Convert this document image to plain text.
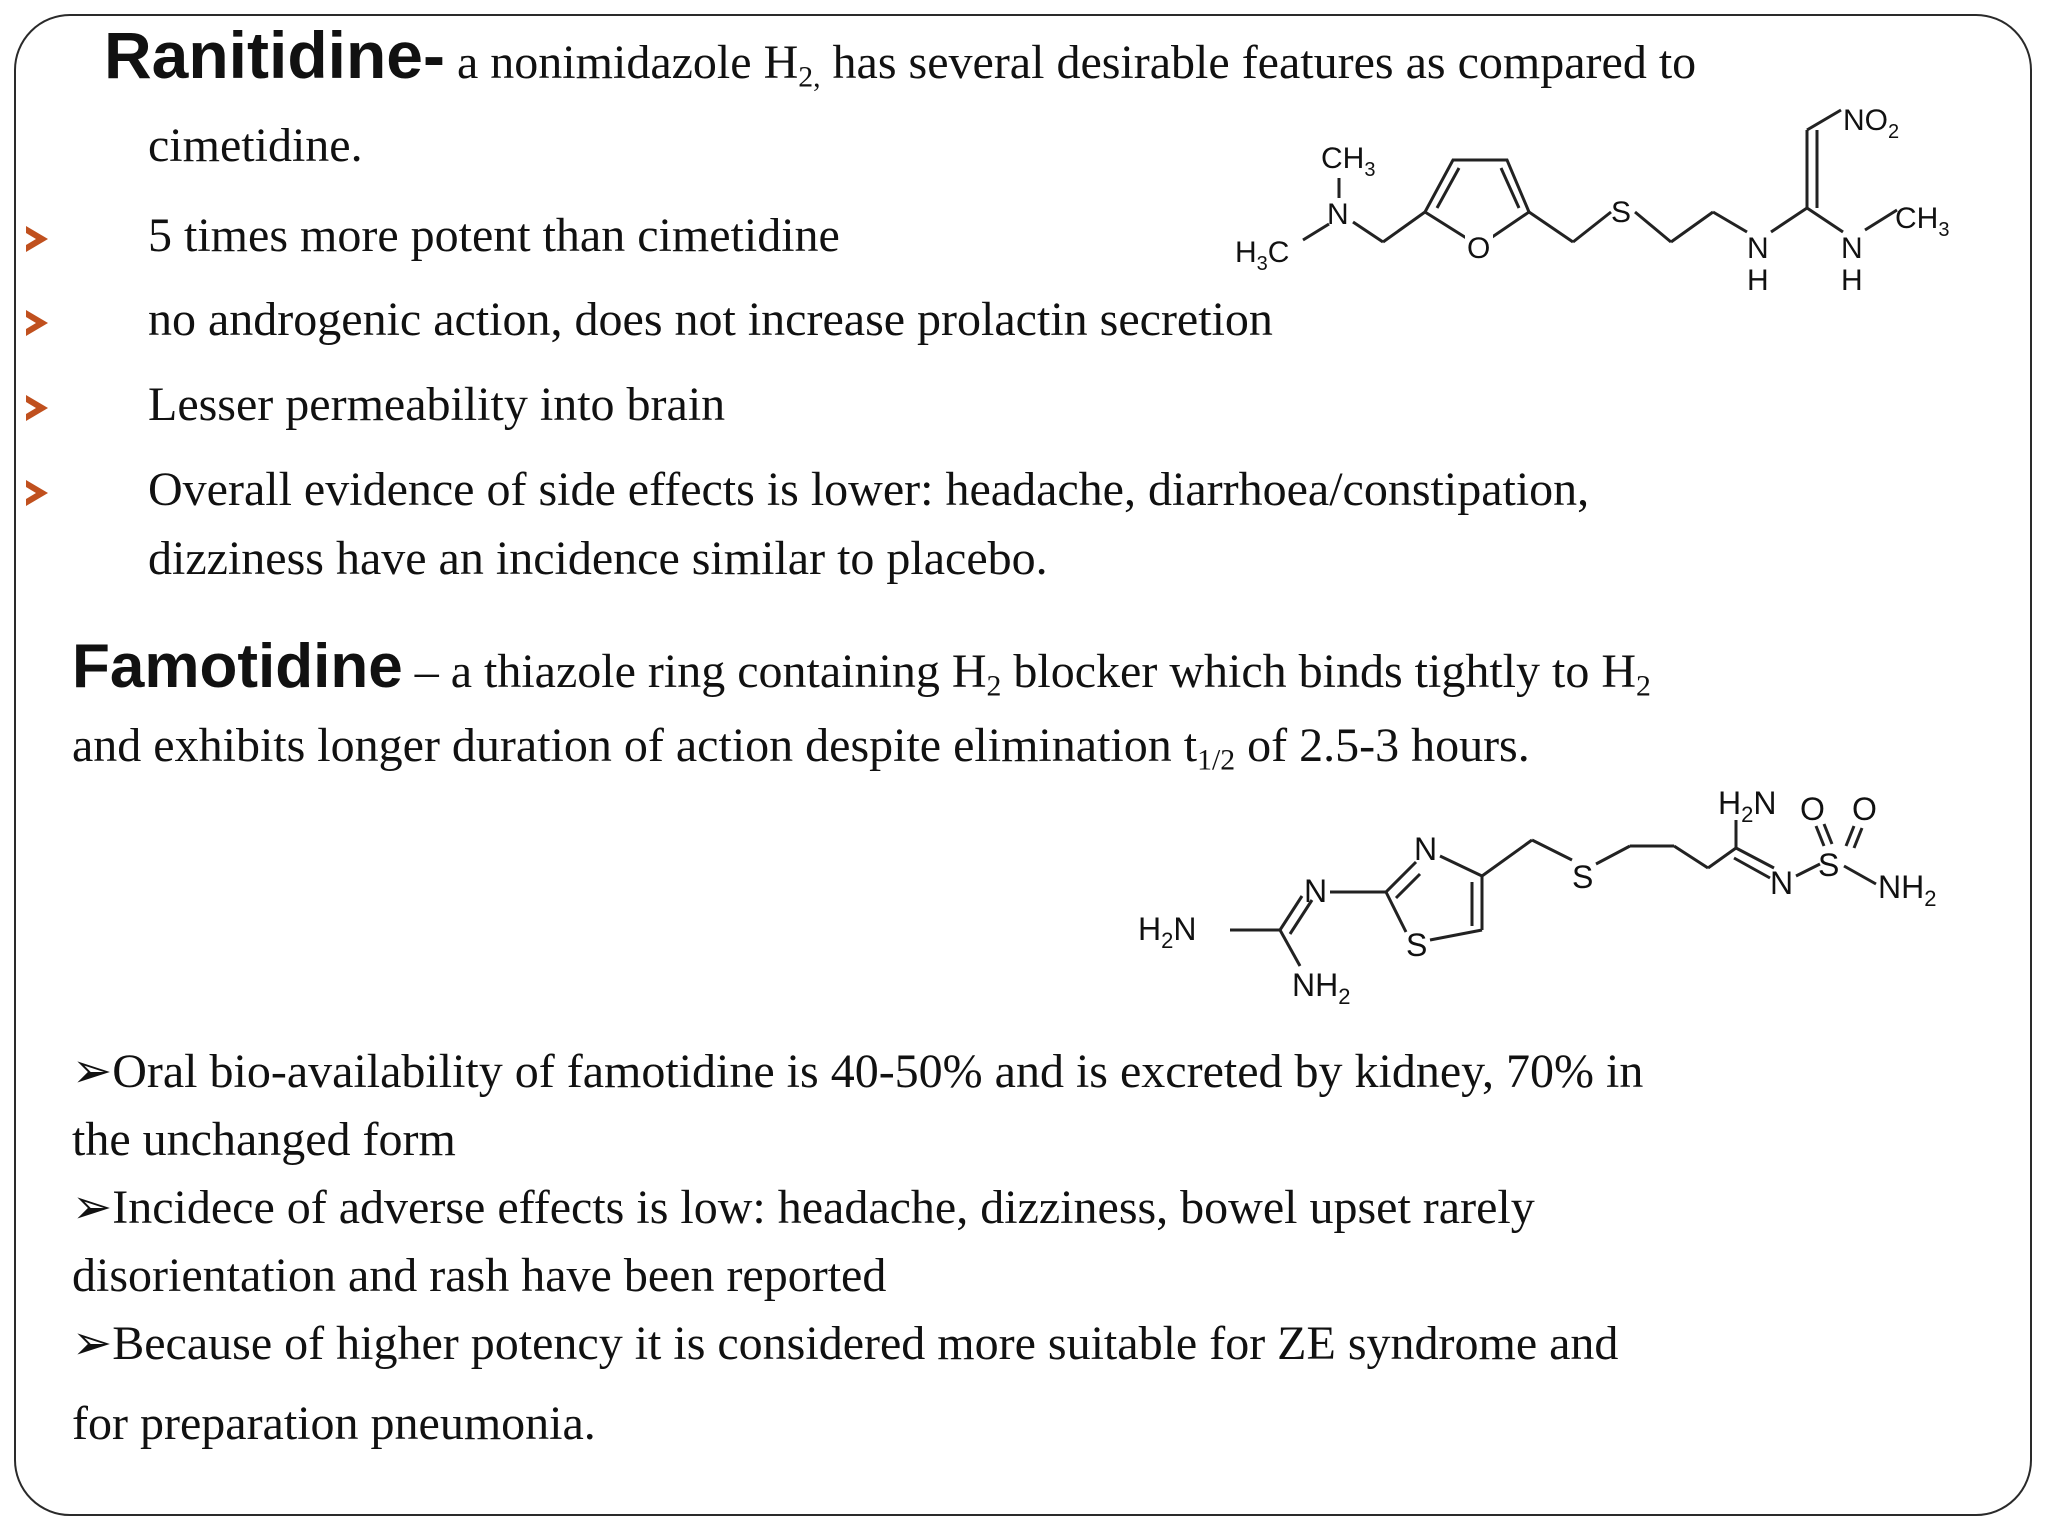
Ranitidine- a nonimidazole $H_{2,}$ has several desirable features as compared to
cimetidine.
5 times more potent than cimetidine
no androgenic action, does not increase prolactin secretion
Lesser permeability into brain
Overall evidence of side effects is lower: headache, diarrhoea/constipation,
dizziness have an incidence similar to placebo.
$CH_3$
N
$H_3C$	O
S
N
H
$NO_2$
N
H
$CH_3$
Famotidine – a thiazole ring containing $H_2$ blocker which binds tightly to $H_2$
and exhibits longer duration of action despite elimination $t_{1/2}$ of 2.5-3 hours.
$H_2N$
$NH_2$
N
N
S
S
$H_2N$
N S
O O
$NH_2$
➢Oral bio-availability of famotidine is 40-50% and is excreted by kidney, 70% in
the unchanged form
➢Incidece of adverse effects is low: headache, dizziness, bowel upset rarely
disorientation and rash have been reported
➢Because of higher potency it is considered more suitable for ZE syndrome and
for preparation pneumonia.
